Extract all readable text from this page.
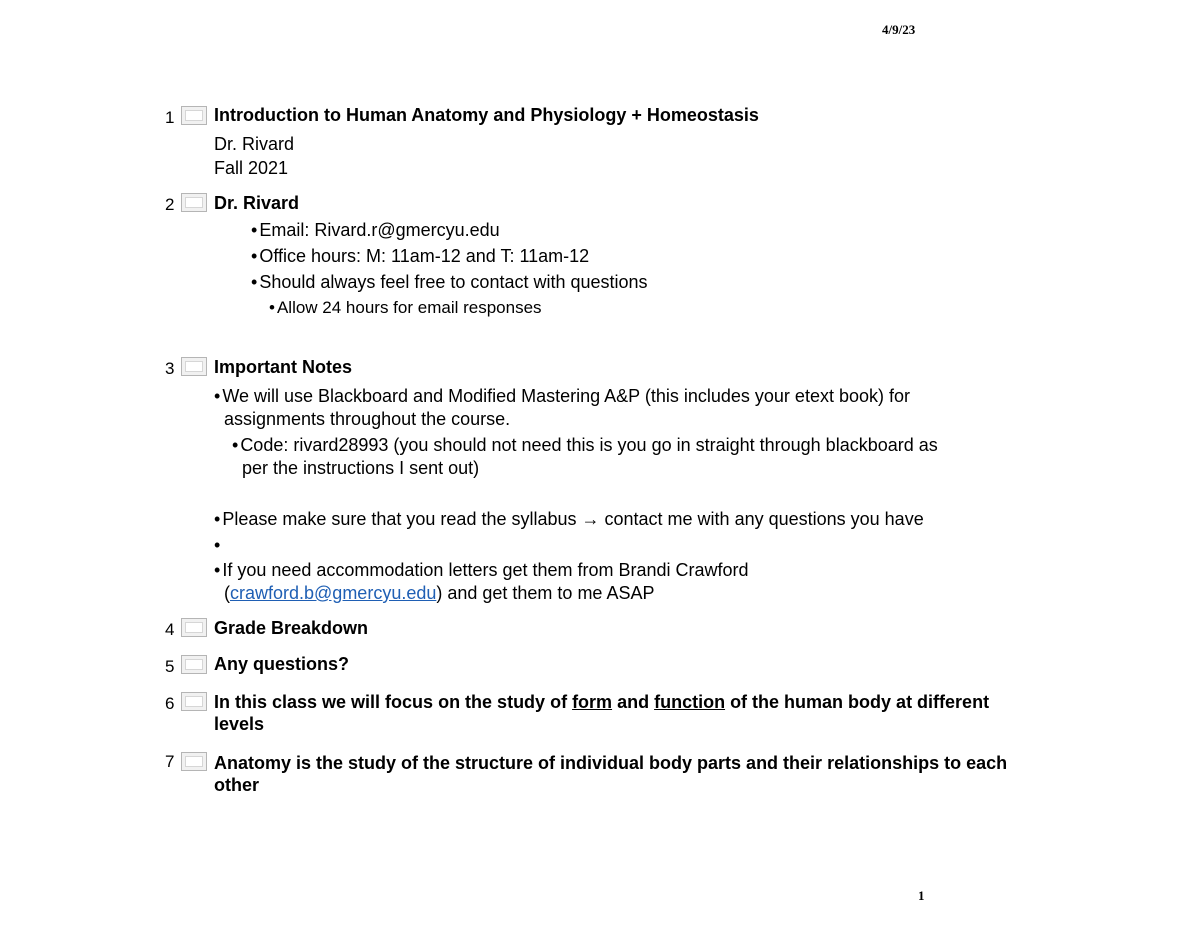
4/9/23
1 Introduction to Human Anatomy and Physiology + Homeostasis
Dr. Rivard
Fall 2021
2 Dr. Rivard
• Email: Rivard.r@gmercyu.edu
• Office hours: M: 11am-12 and T: 11am-12
• Should always feel free to contact with questions
• Allow 24 hours for email responses
3 Important Notes
• We will use Blackboard and Modified Mastering A&P (this includes your etext book) for
assignments throughout the course.
• Code: rivard28993 (you should not need this is you go in straight through blackboard as
per the instructions I sent out)
• Please make sure that you read the syllabus → contact me with any questions you have
•
• If you need accommodation letters get them from Brandi Crawford
(crawford.b@gmercyu.edu) and get them to me ASAP
4 Grade Breakdown
5 Any questions?
6 In this class we will focus on the study of form and function of the human body at different levels
7 Anatomy is the study of the structure of individual body parts and their relationships to each other
1
